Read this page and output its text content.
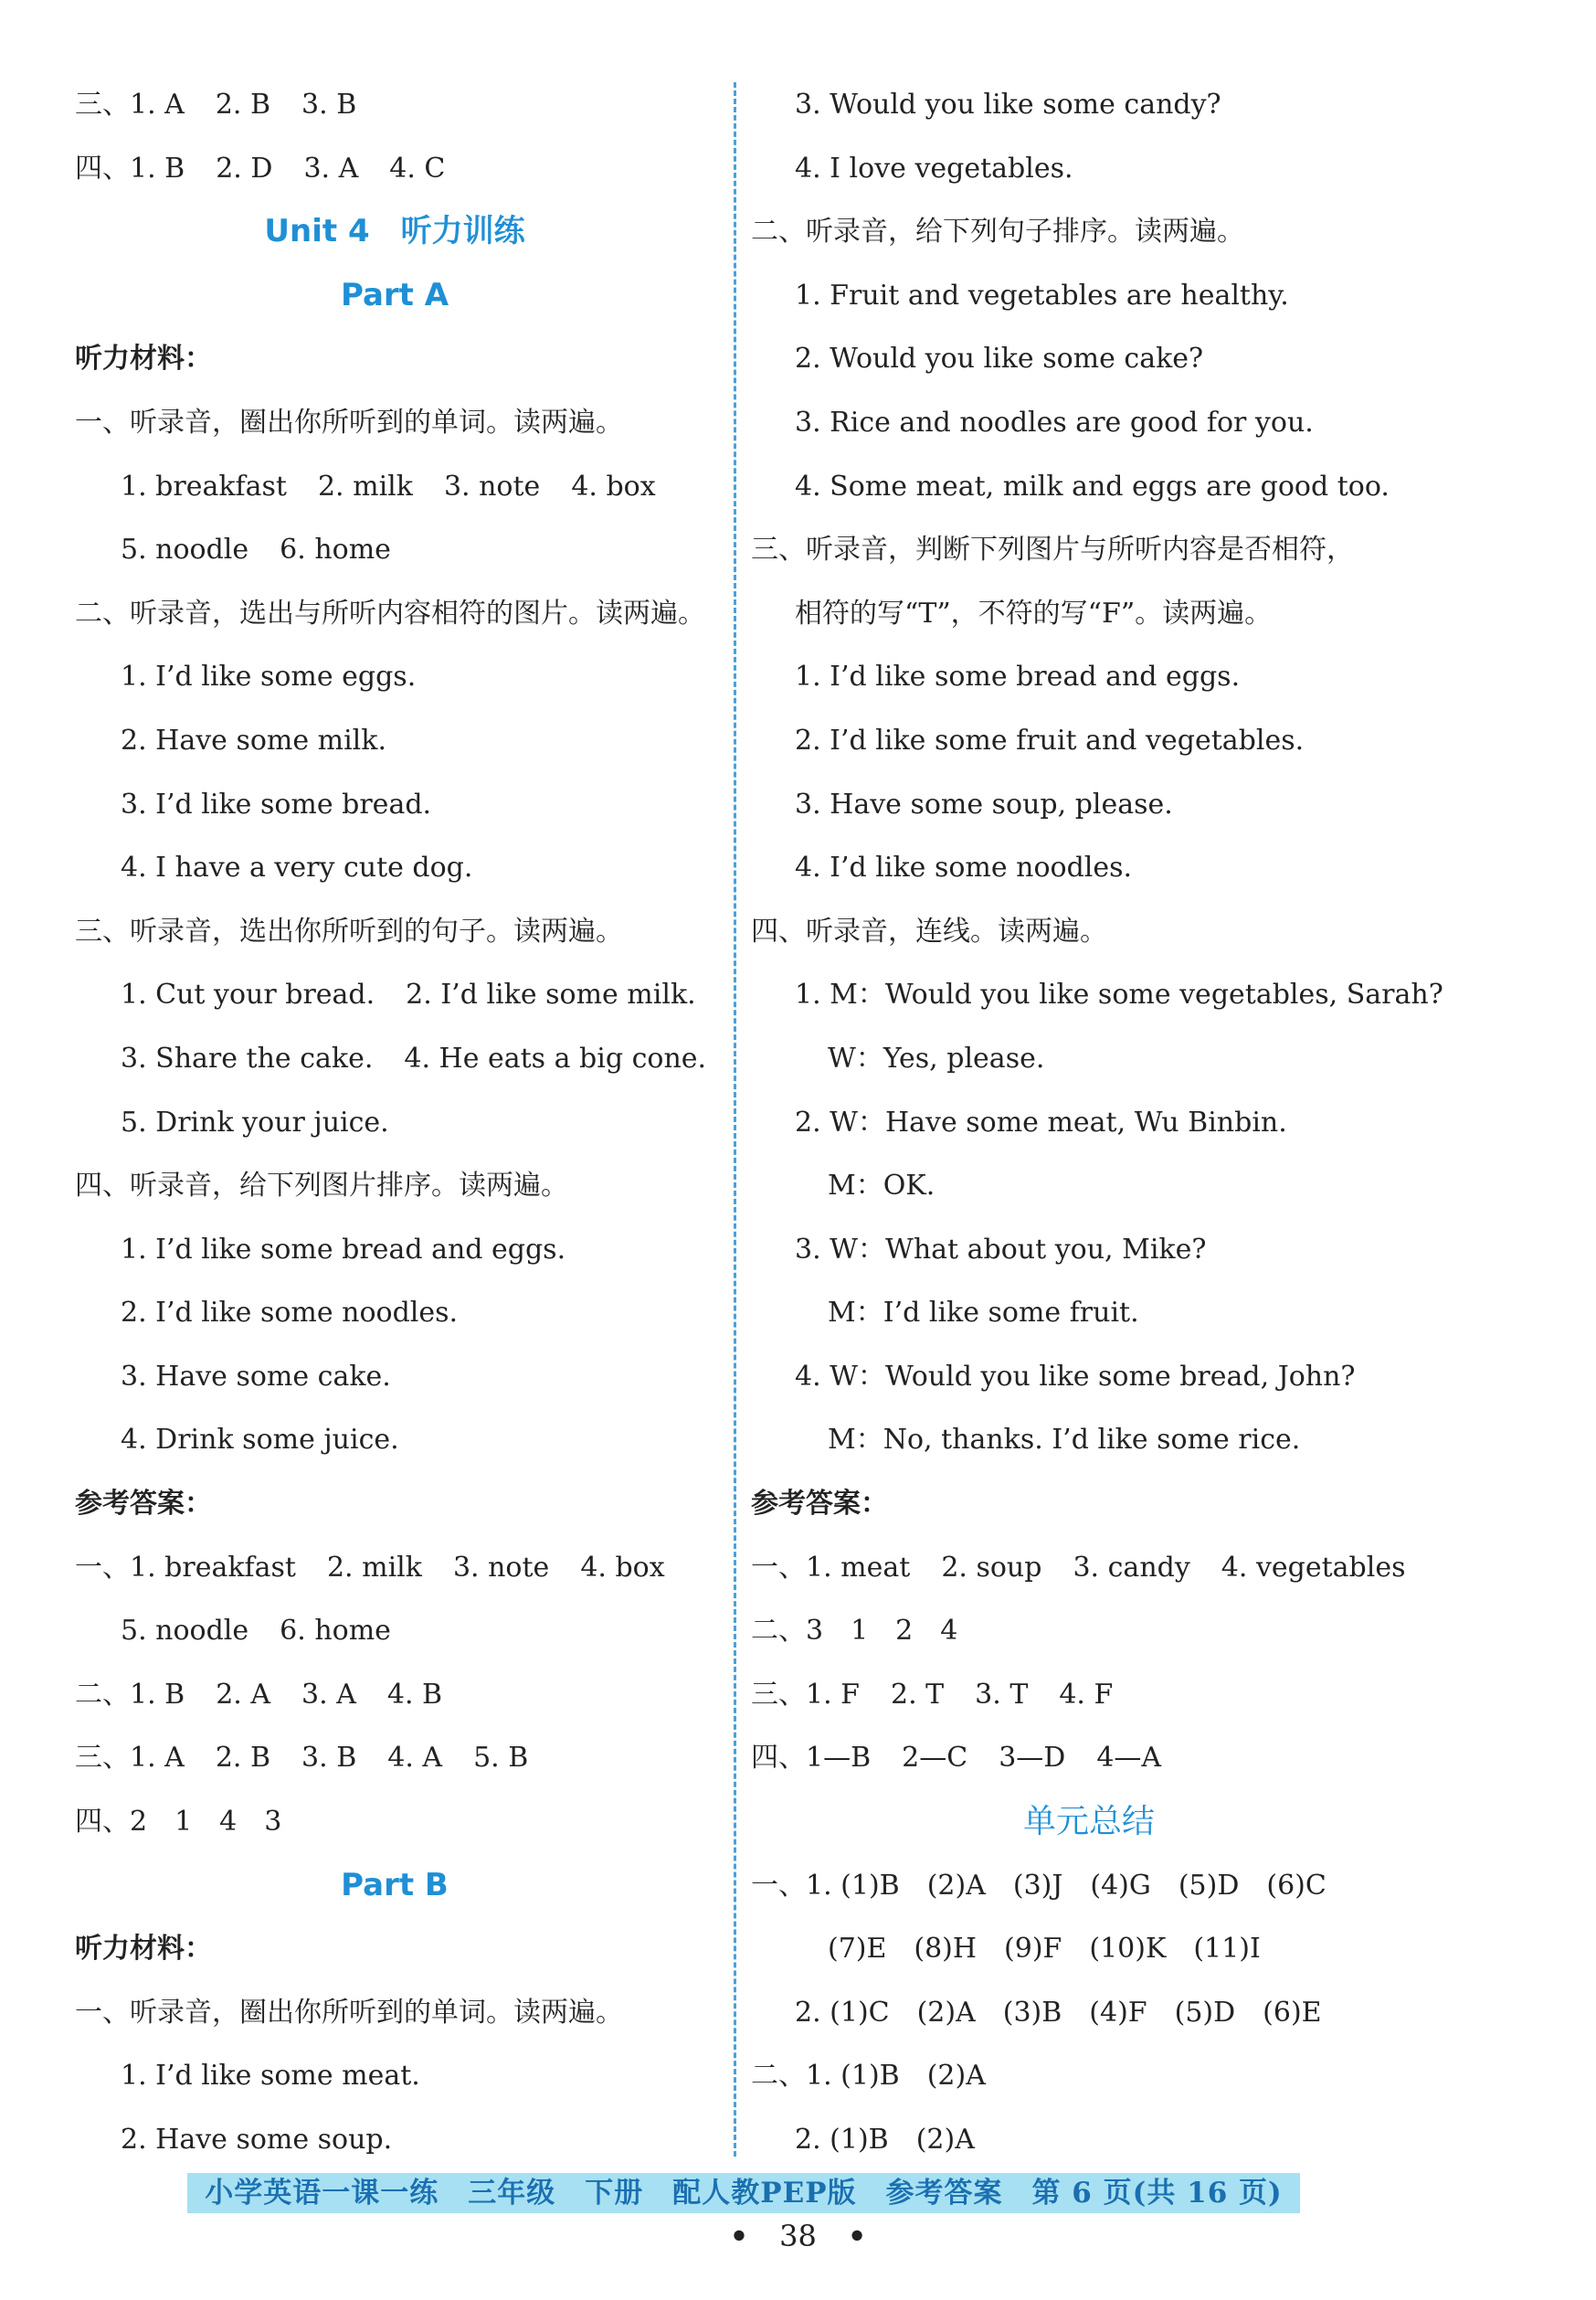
三、1. A 2. B 3. B
四、1. B 2. D 3. A 4. C
Unit 4　听力训练
Part A
听力材料：
一、听录音，圈出你所听到的单词。读两遍。
1. breakfast 2. milk 3. note 4. box
5. noodle 6. home
二、听录音，选出与所听内容相符的图片。读两遍。
1. I’d like some eggs.
2. Have some milk.
3. I’d like some bread.
4. I have a very cute dog.
三、听录音，选出你所听到的句子。读两遍。
1. Cut your bread. 2. I’d like some milk.
3. Share the cake. 4. He eats a big cone.
5. Drink your juice.
四、听录音，给下列图片排序。读两遍。
1. I’d like some bread and eggs.
2. I’d like some noodles.
3. Have some cake.
4. Drink some juice.
参考答案：
一、1. breakfast 2. milk 3. note 4. box
5. noodle 6. home
二、1. B 2. A 3. A 4. B
三、1. A 2. B 3. B 4. A 5. B
四、2　1　4　3
Part B
听力材料：
一、听录音，圈出你所听到的单词。读两遍。
1. I’d like some meat.
2. Have some soup.
3. Would you like some candy?
4. I love vegetables.
二、听录音，给下列句子排序。读两遍。
1. Fruit and vegetables are healthy.
2. Would you like some cake?
3. Rice and noodles are good for you.
4. Some meat, milk and eggs are good too.
三、听录音，判断下列图片与所听内容是否相符，
相符的写“T”，不符的写“F”。读两遍。
1. I’d like some bread and eggs.
2. I’d like some fruit and vegetables.
3. Have some soup, please.
4. I’d like some noodles.
四、听录音，连线。读两遍。
1. M：Would you like some vegetables, Sarah?
W：Yes, please.
2. W：Have some meat, Wu Binbin.
M：OK.
3. W：What about you, Mike?
M：I’d like some fruit.
4. W：Would you like some bread, John?
M：No, thanks. I’d like some rice.
参考答案：
一、1. meat 2. soup 3. candy 4. vegetables
二、3　1　2　4
三、1. F 2. T 3. T 4. F
四、1—B 2—C 3—D 4—A
单元总结
一、1. (1)B　(2)A　(3)J　(4)G　(5)D　(6)C
(7)E　(8)H　(9)F　(10)K　(11)I
2. (1)C　(2)A　(3)B　(4)F　(5)D　(6)E
二、1. (1)B　(2)A
2. (1)B　(2)A
小学英语一课一练　三年级　下册　配人教PEP版　参考答案　第 6 页(共 16 页)
• 38 •
